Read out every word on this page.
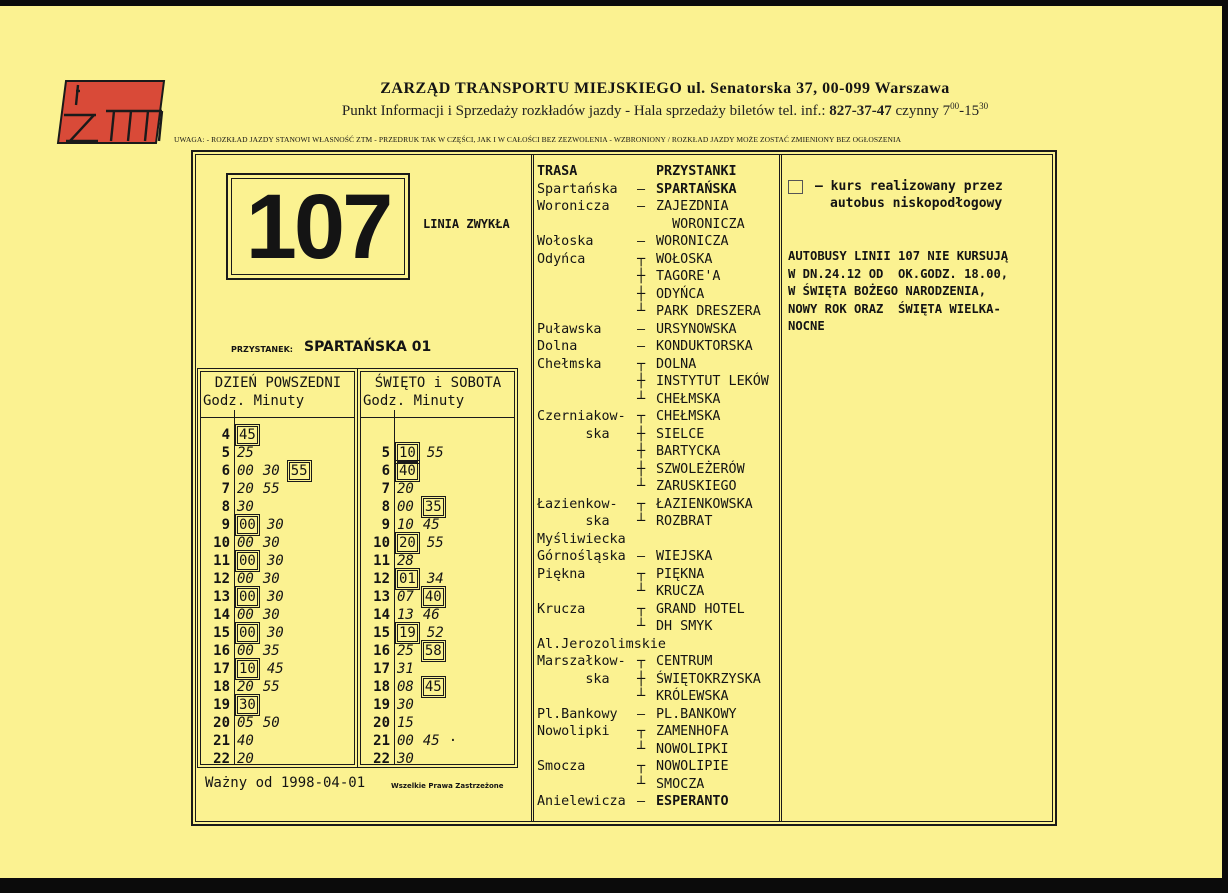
ZARZĄD TRANSPORTU MIEJSKIEGO ul. Senatorska 37, 00-099 Warszawa
Punkt Informacji i Sprzedaży rozkładów jazdy - Hala sprzedaży biletów tel. inf.: 827-37-47 czynny $7^{00}-15^{30}$
UWAGA: - ROZKŁAD JAZDY STANOWI WŁASNOŚĆ ZTM - PRZEDRUK TAK W CZĘŚCI, JAK I W CAŁOŚCI BEZ ZEZWOLENIA - WZBRONIONY / ROZKŁAD JAZDY MOŻE ZOSTAĆ ZMIENIONY BEZ OGŁOSZENIA
107	LINIA ZWYKŁA
PRZYSTANEK: SPARTAŃSKA 01
DZIEŃ POWSZEDNI
Godz. Minuty
ŚWIĘTO i SOBOTA
Godz. Minuty
4 45
5 25
6 00 30 55
7 20 55
8 30
9 00 30
10 00 30
11 00 30
12 00 30
13 00 30
14 00 30
15 00 30
16 00 35
17 10 45
18 20 55
19 30
20 05 50
21 40
22 20
5 10 55
6 40
7 20
8 00 35
9 10 45
10 20 55
11 28
12 01 34
13 07 40
14 13 46
15 19 52
16 25 58
17 31
18 08 45
19 30
20 15
21 00 45 ·
22 30
Ważny od 1998-04-01	Wszelkie Prawa Zastrzeżone
TRASA	PRZYSTANKI
Spartańska – SPARTAŃSKA
Woronicza – ZAJEZDNIA
WORONICZA
Wołoska	– WORONICZA
Odyńca	┬ WOŁOSKA
┼ TAGORE'A
┼ ODYŃCA
┴ PARK DRESZERA
Puławska	– URSYNOWSKA
Dolna	– KONDUKTORSKA
Chełmska	┬ DOLNA
┼ INSTYTUT LEKÓW
┴ CHEŁMSKA
Czerniakow- ┬ CHEŁMSKA
ska ┼ SIELCE
┼ BARTYCKA
┼ SZWOLEŻERÓW
┴ ZARUSKIEGO
Łazienkow- ┬ ŁAZIENKOWSKA
ska ┴ ROZBRAT
Myśliwiecka
Górnośląska – WIEJSKA
Piękna	┬ PIĘKNA
┴ KRUCZA
Krucza	┬ GRAND HOTEL
┴ DH SMYK
Al.Jerozolimskie
Marszałkow- ┬ CENTRUM
ska ┼ ŚWIĘTOKRZYSKA
┴ KRÓLEWSKA
Pl.Bankowy – PL.BANKOWY
Nowolipki ┬ ZAMENHOFA
┴ NOWOLIPKI
Smocza	┬ NOWOLIPIE
┴ SMOCZA
Anielewicza – ESPERANTO
– kurs realizowany przez
autobus niskopodłogowy
AUTOBUSY LINII 107 NIE KURSUJĄ
W DN.24.12 OD  OK.GODZ. 18.00,
W ŚWIĘTA BOŻEGO NARODZENIA,
NOWY ROK ORAZ  ŚWIĘTA WIELKA-
NOCNE
